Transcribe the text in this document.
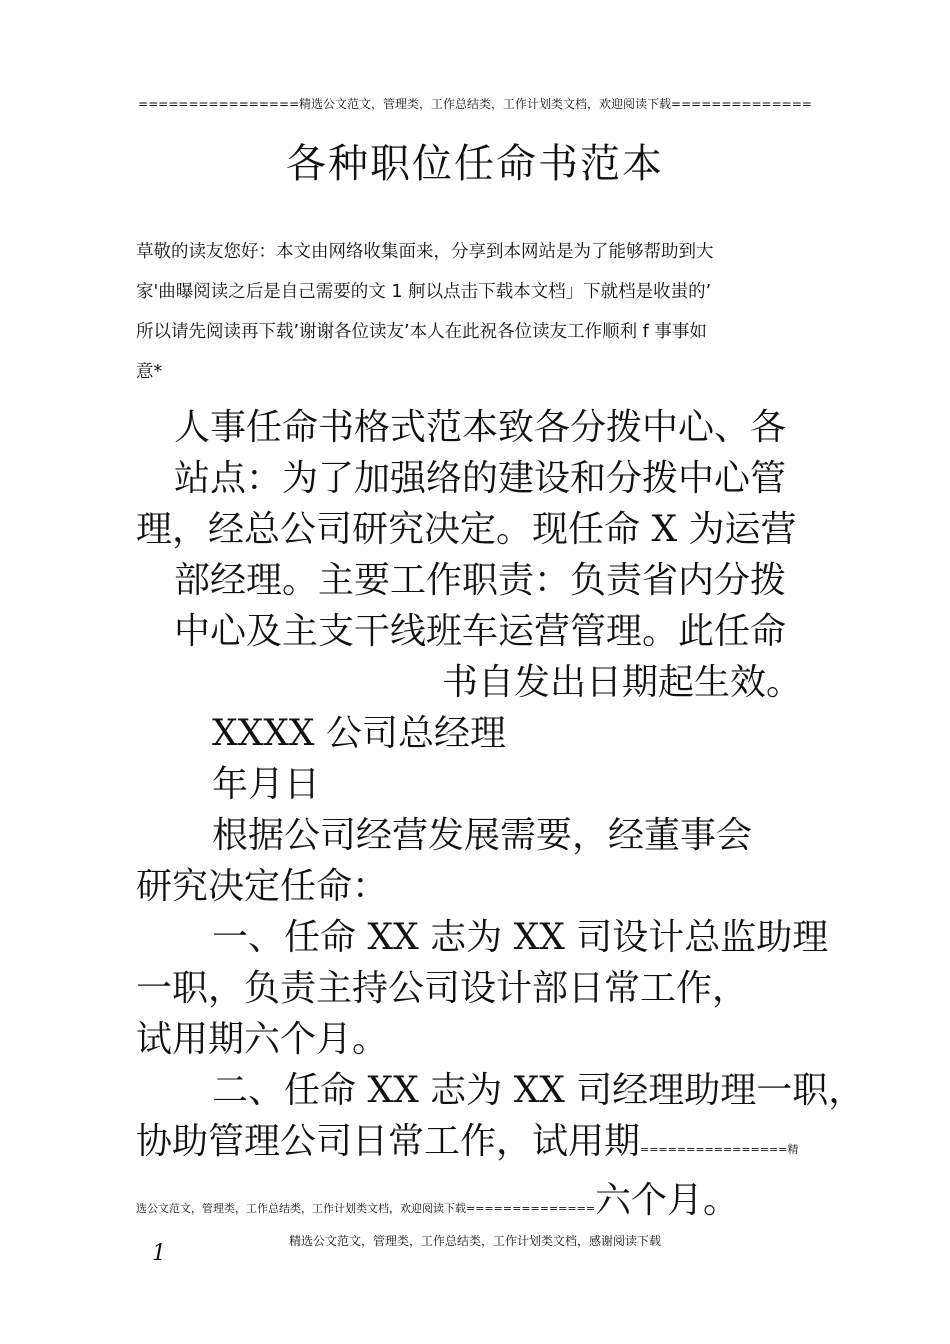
================精选公文范文，管理类，工作总结类，工作计划类文档，欢迎阅读下载==============
各种职位任命书范本
草敬的读友您好：本文由网络收集面来，分享到本网站是为了能够帮助到大
家'曲曝阅读之后是自己需要的文 1 舸以点击下载本文档」下就档是收蚩的’
所以请先阅读再下载’谢谢各位读友’本人在此祝各位读友工作顺利 f 事事如
意*
人事任命书格式范本致各分拨中心、各
站点：为了加强络的建设和分拨中心管
理，经总公司研究决定。现任命 X 为运营
部经理。主要工作职责：负责省内分拨
中心及主支干线班车运营管理。此任命
书自发出日期起生效。
XXXX 公司总经理
年月日
根据公司经营发展需要，经董事会
研究决定任命：
一、任命 XX 志为 XX 司设计总监助理
一职，负责主持公司设计部日常工作，
试用期六个月。
二、任命 XX 志为 XX 司经理助理一职，
协助管理公司日常工作，试用期================精
选公文范文，管理类，工作总结类，工作计划类文档，欢迎阅读下载==============六个月。
精选公文范文，管理类，工作总结类，工作计划类文档，感谢阅读下载
1
